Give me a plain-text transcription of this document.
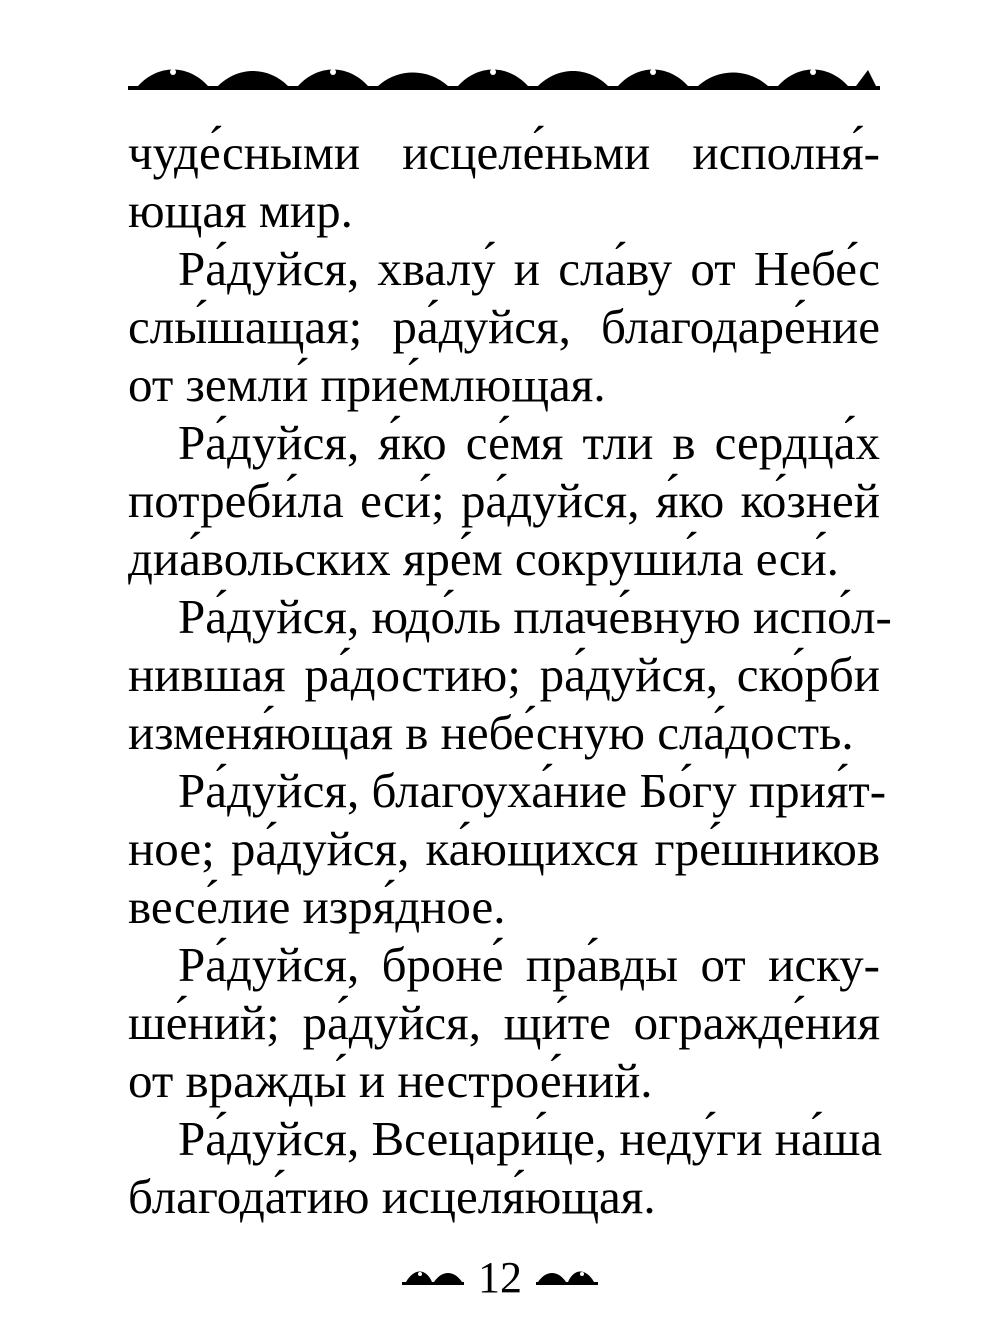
чуде́сными исцеле́ньми исполня́-
ющая мир.
Ра́дуйся, хвалу́ и сла́ву от Небе́с
слы́шащая; ра́дуйся, благодаре́ние
от земли́ прие́млющая.
Ра́дуйся, я́ко се́мя тли в сердца́х
потреби́ла еси́; ра́дуйся, я́ко ко́зней
диа́вольских яре́м сокруши́ла еси́.
Ра́дуйся, юдо́ль плаче́вную испо́л-
нившая ра́достию; ра́дуйся, ско́рби
изменя́ющая в небе́сную сла́дость.
Ра́дуйся, благоуха́ние Бо́гу прия́т-
ное; ра́дуйся, ка́ющихся гре́шников
весе́лие изря́дное.
Ра́дуйся, броне́ пра́вды от иску-
ше́ний; ра́дуйся, щи́те огражде́ния
от вражды́ и нестрое́ний.
Ра́дуйся, Всецари́це, неду́ги на́ша
благода́тию исцеля́ющая.
12
